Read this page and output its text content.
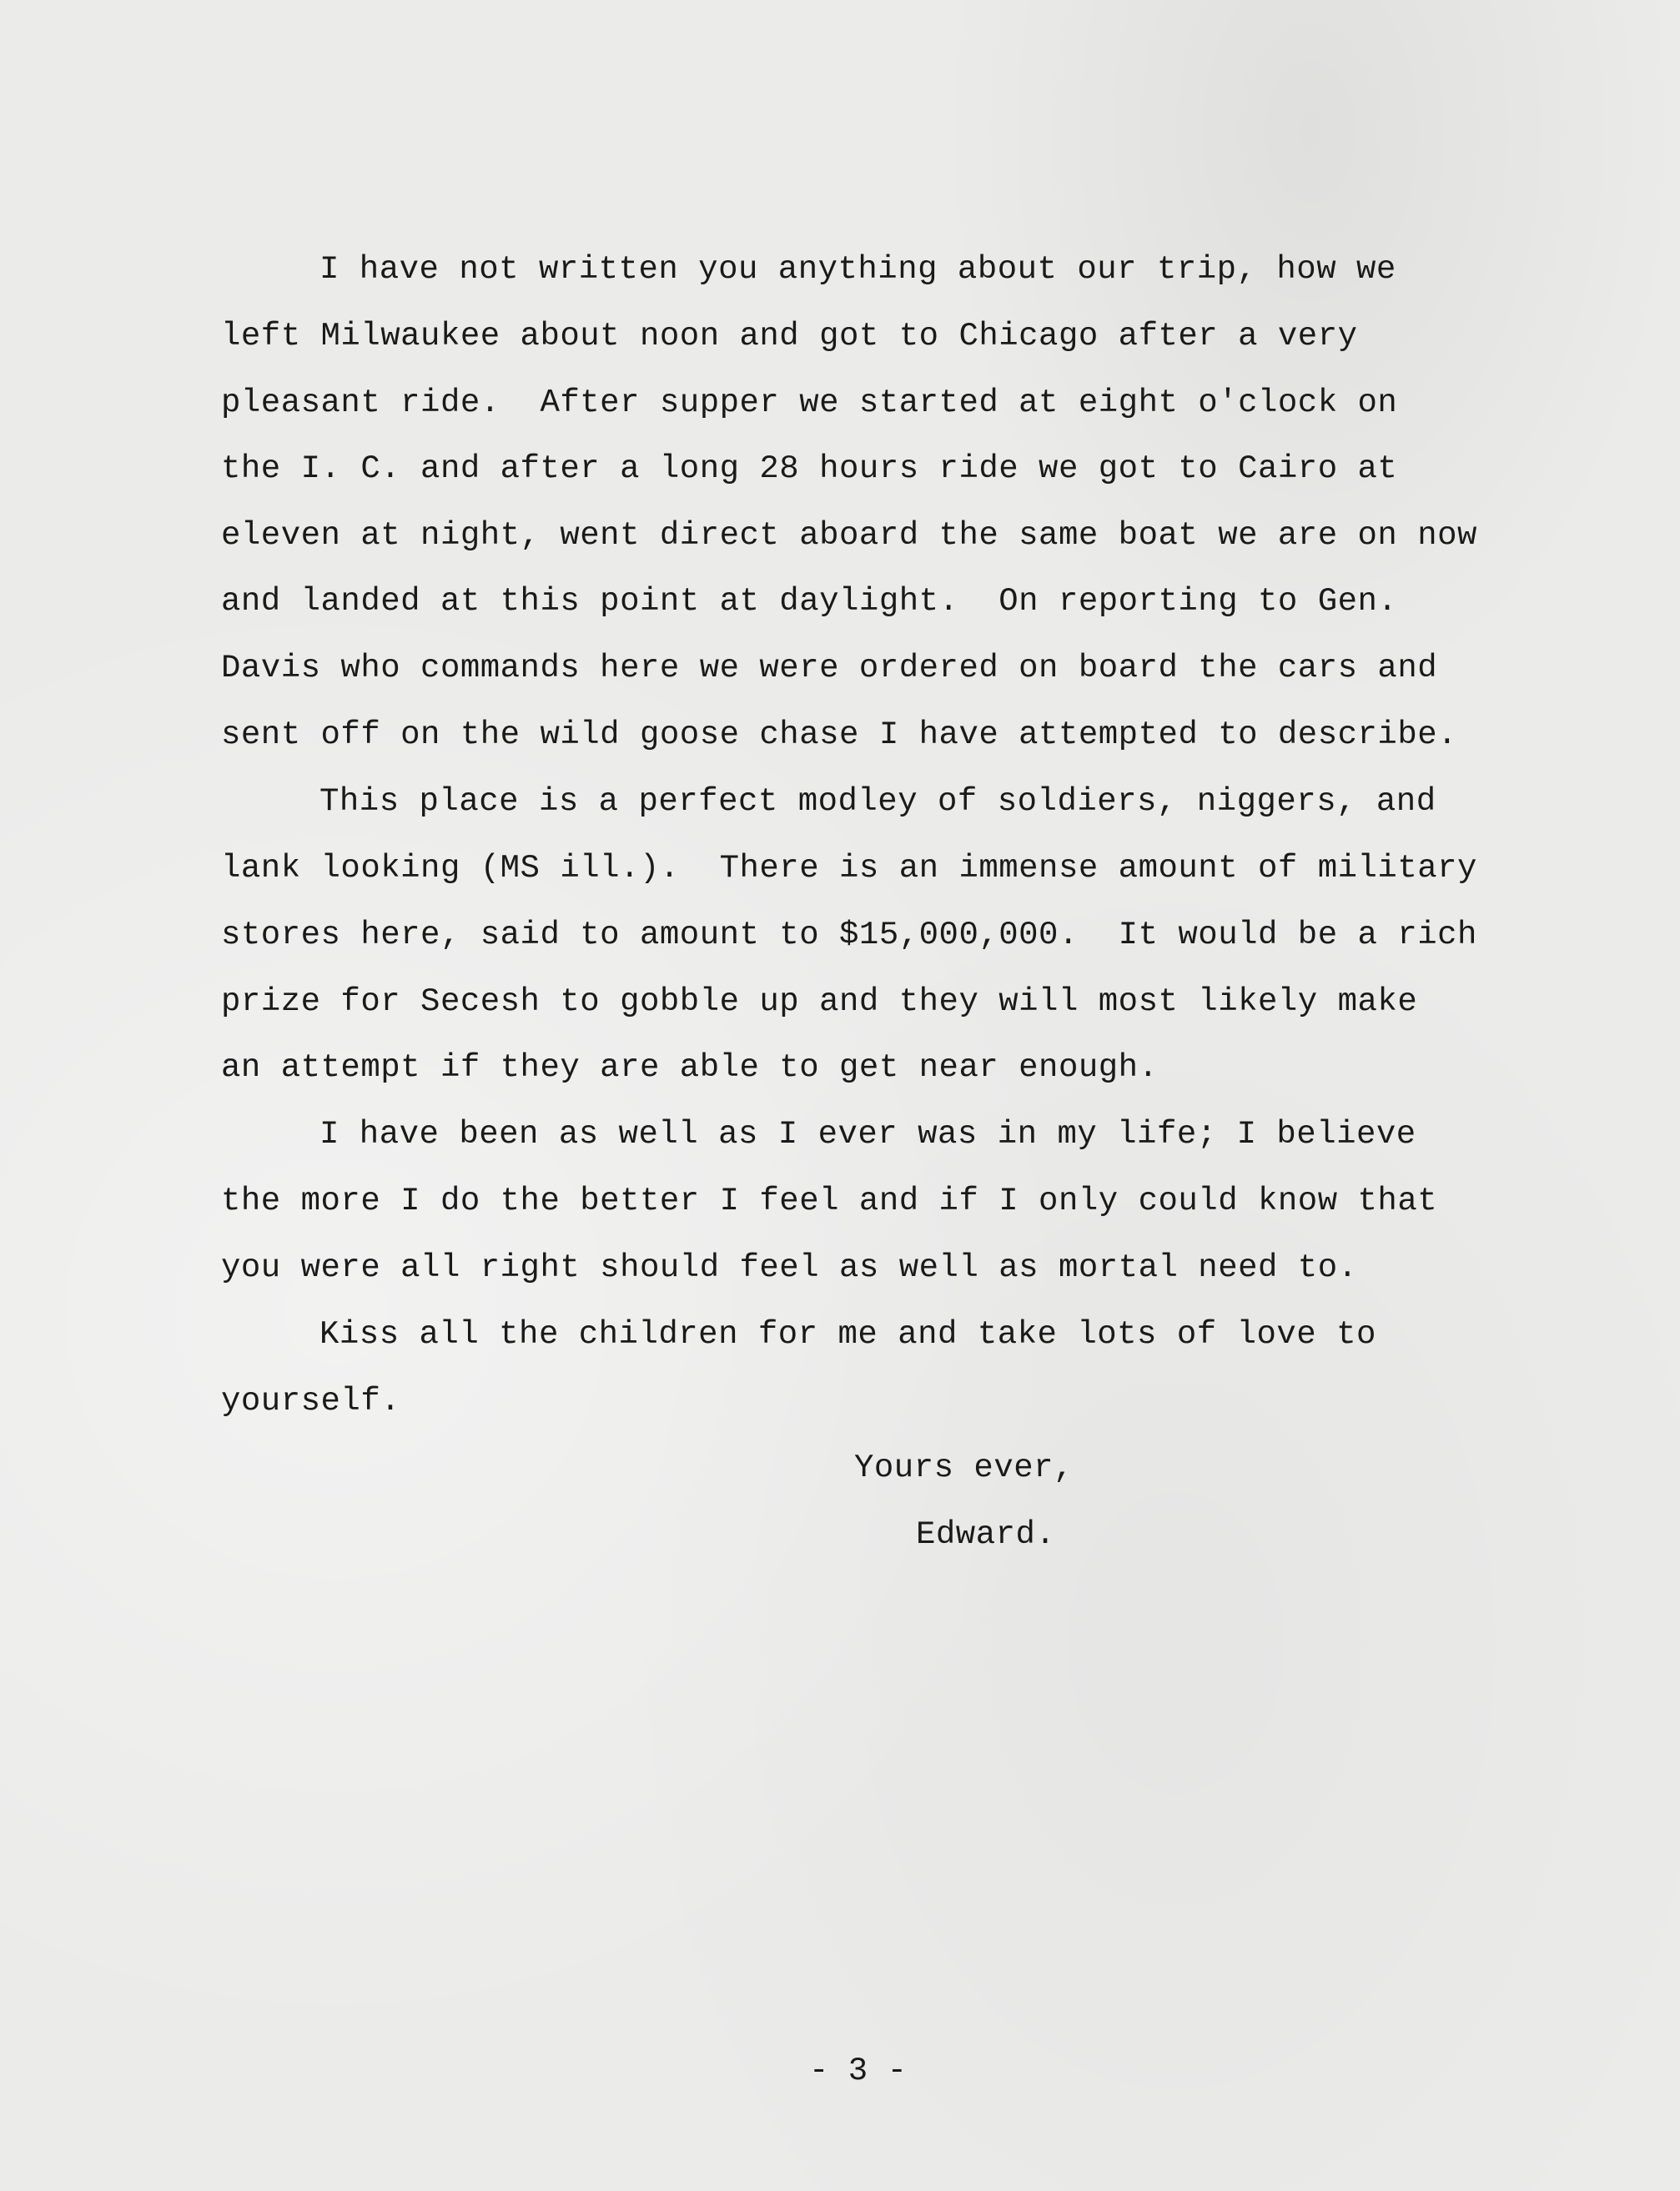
I have not written you anything about our trip, how we
left Milwaukee about noon and got to Chicago after a very
pleasant ride.  After supper we started at eight o'clock on
the I. C. and after a long 28 hours ride we got to Cairo at
eleven at night, went direct aboard the same boat we are on now
and landed at this point at daylight.  On reporting to Gen.
Davis who commands here we were ordered on board the cars and
sent off on the wild goose chase I have attempted to describe.
This place is a perfect modley of soldiers, niggers, and
lank looking (MS ill.).  There is an immense amount of military
stores here, said to amount to $15,000,000.  It would be a rich
prize for Secesh to gobble up and they will most likely make
an attempt if they are able to get near enough.
I have been as well as I ever was in my life; I believe
the more I do the better I feel and if I only could know that
you were all right should feel as well as mortal need to.
Kiss all the children for me and take lots of love to
yourself.
Yours ever,
Edward.
- 3 -
